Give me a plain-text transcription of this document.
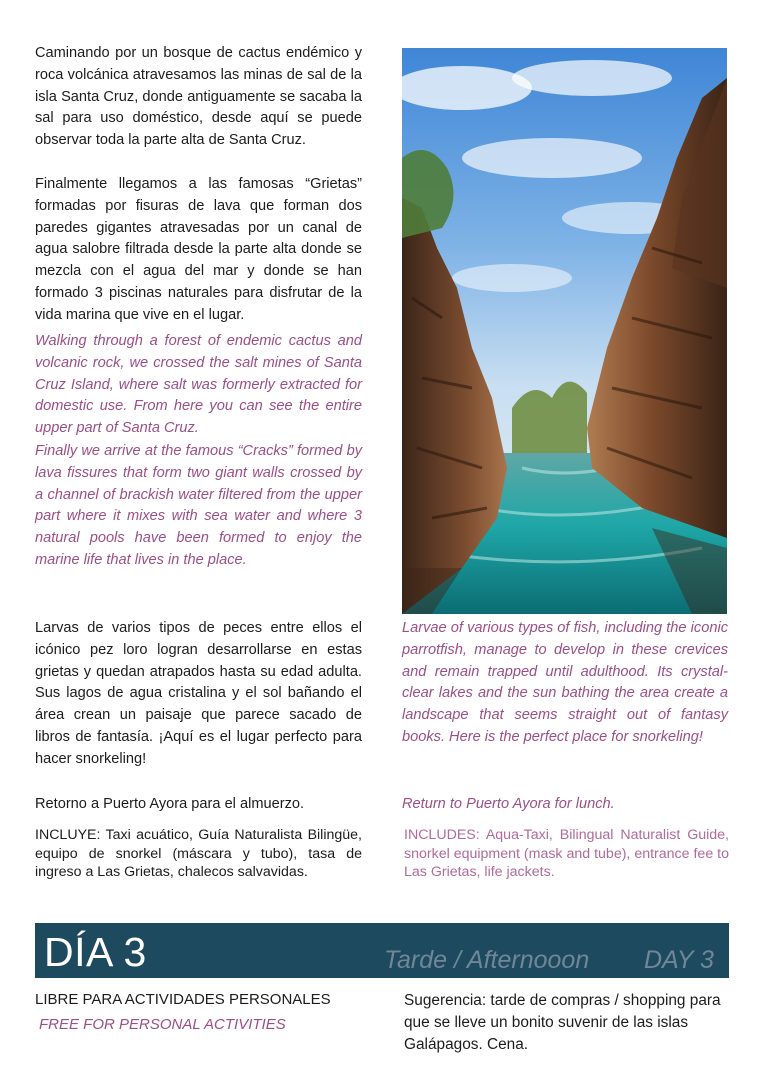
Caminando por un bosque de cactus endémico y roca volcánica atravesamos las minas de sal de la isla Santa Cruz, donde antiguamente se sacaba la sal para uso doméstico, desde aquí se puede observar toda la parte alta de Santa Cruz.

Finalmente llegamos a las famosas “Grietas” formadas por fisuras de lava que forman dos paredes gigantes atravesadas por un canal de agua salobre filtrada desde la parte alta donde se mezcla con el agua del mar y donde se han formado 3 piscinas naturales para disfrutar de la vida marina que vive en el lugar.

Walking through a forest of endemic cactus and volcanic rock, we crossed the salt mines of Santa Cruz Island, where salt was formerly extracted for domestic use. From here you can see the entire upper part of Santa Cruz.

Finally we arrive at the famous “Cracks” formed by lava fissures that form two giant walls crossed by a channel of brackish water filtered from the upper part where it mixes with sea water and where 3 natural pools have been formed to enjoy the marine life that lives in the place.

Larvas de varios tipos de peces entre ellos el icónico pez loro logran desarrollarse en estas grietas y quedan atrapados hasta su edad adulta. Sus lagos de agua cristalina y el sol bañando el área crean un paisaje que parece sacado de libros de fantasía. ¡Aquí es el lugar perfecto para hacer snorkeling!

Retorno a Puerto Ayora para el almuerzo.

INCLUYE: Taxi acuático, Guía Naturalista Bilingüe, equipo de snorkel (máscara y tubo), tasa de ingreso a Las Grietas, chalecos salvavidas.

Larvae of various types of fish, including the iconic parrotfish, manage to develop in these crevices and remain trapped until adulthood. Its crystal-clear lakes and the sun bathing the area create a landscape that seems straight out of fantasy books. Here is the perfect place for snorkeling!

Return to Puerto Ayora for lunch.

INCLUDES: Aqua-Taxi, Bilingual Naturalist Guide, snorkel equipment (mask and tube), entrance fee to Las Grietas, life jackets.

DÍA 3	Tarde / Afternooon DAY 3
LIBRE PARA ACTIVIDADES PERSONALES
FREE FOR PERSONAL ACTIVITIES

Sugerencia: tarde de compras / shopping para que se lleve un bonito suvenir de las islas Galápagos. Cena.
